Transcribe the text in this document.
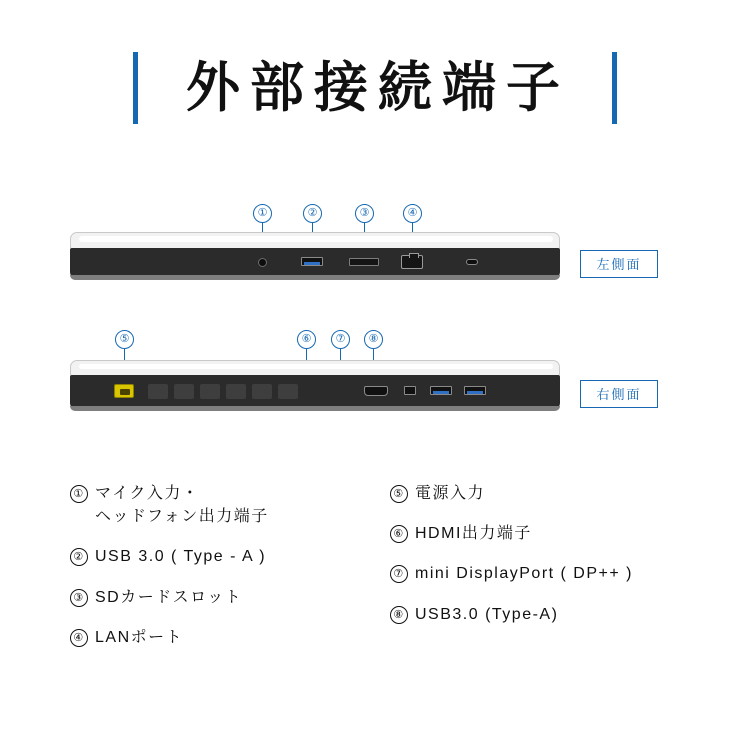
外部接続端子
①	②	③	④
左側面
⑤	⑥	⑦	⑧
右側面
① マイク入力・
ヘッドフォン出力端子
② USB 3.0 ( Type - A )
③ SDカードスロット
④ LANポート
⑤ 電源入力
⑥ HDMI出力端子
⑦ mini DisplayPort ( DP++ )
⑧ USB3.0 (Type-A)
